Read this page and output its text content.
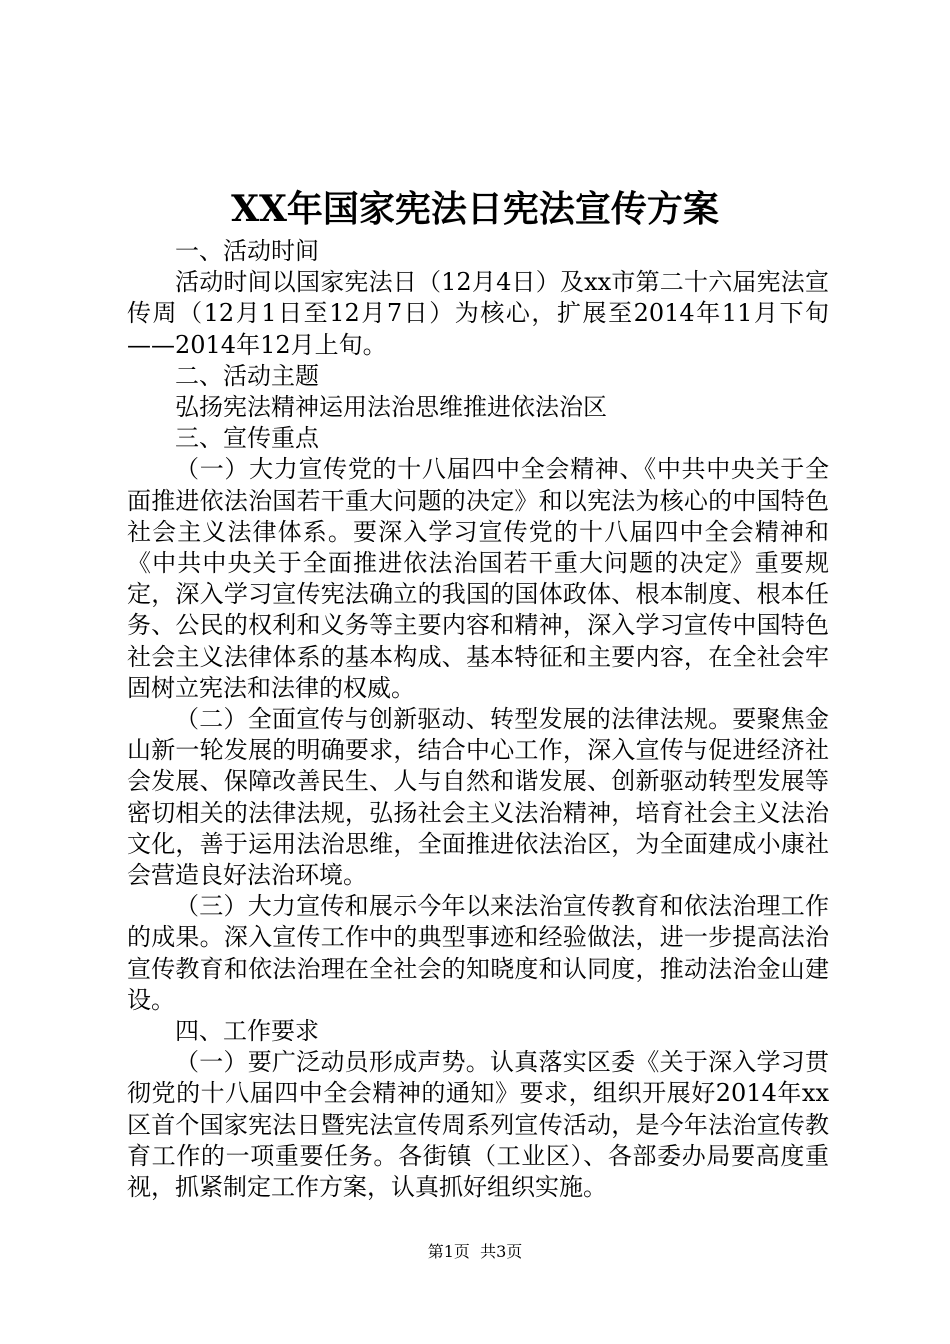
XX年国家宪法日宪法宣传方案

一、活动时间

活动时间以国家宪法日（12月4日）及xx市第二十六届宪法宣传周（12月1日至12月7日）为核心，扩展至2014年11月下旬——2014年12月上旬。

二、活动主题

弘扬宪法精神运用法治思维推进依法治区

三、宣传重点

（一）大力宣传党的十八届四中全会精神、《中共中央关于全面推进依法治国若干重大问题的决定》和以宪法为核心的中国特色社会主义法律体系。要深入学习宣传党的十八届四中全会精神和《中共中央关于全面推进依法治国若干重大问题的决定》重要规定，深入学习宣传宪法确立的我国的国体政体、根本制度、根本任务、公民的权利和义务等主要内容和精神，深入学习宣传中国特色社会主义法律体系的基本构成、基本特征和主要内容，在全社会牢固树立宪法和法律的权威。

（二）全面宣传与创新驱动、转型发展的法律法规。要聚焦金山新一轮发展的明确要求，结合中心工作，深入宣传与促进经济社会发展、保障改善民生、人与自然和谐发展、创新驱动转型发展等密切相关的法律法规，弘扬社会主义法治精神，培育社会主义法治文化，善于运用法治思维，全面推进依法治区，为全面建成小康社会营造良好法治环境。

（三）大力宣传和展示今年以来法治宣传教育和依法治理工作的成果。深入宣传工作中的典型事迹和经验做法，进一步提高法治宣传教育和依法治理在全社会的知晓度和认同度，推动法治金山建设。

四、工作要求

（一）要广泛动员形成声势。认真落实区委《关于深入学习贯彻党的十八届四中全会精神的通知》要求，组织开展好2014年xx区首个国家宪法日暨宪法宣传周系列宣传活动，是今年法治宣传教育工作的一项重要任务。各街镇（工业区）、各部委办局要高度重视，抓紧制定工作方案，认真抓好组织实施。

第1页  共3页
